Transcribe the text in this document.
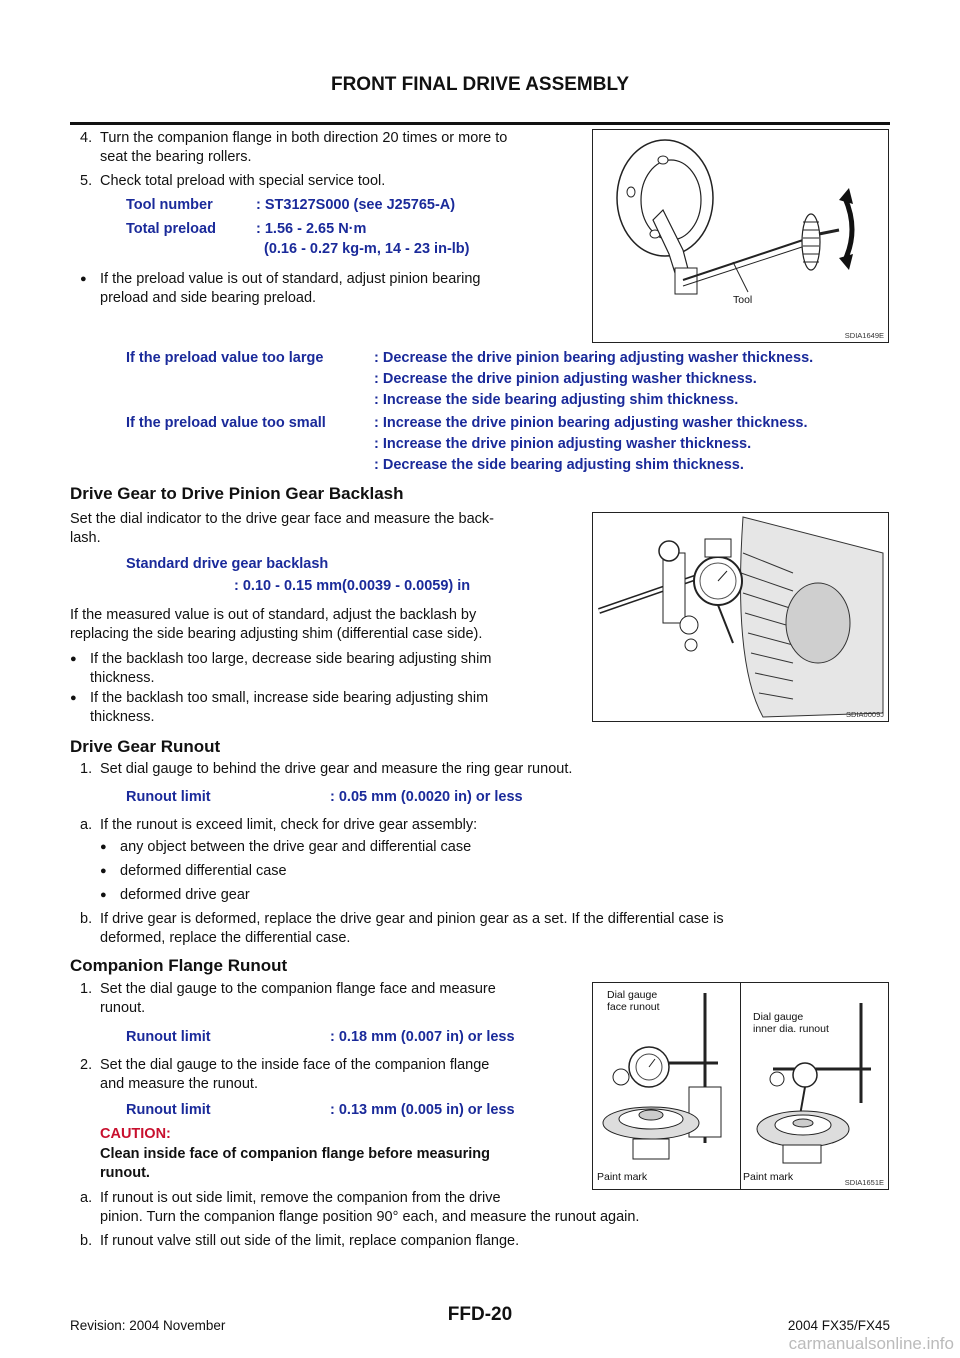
FRONT FINAL DRIVE ASSEMBLY
4. Turn the companion flange in both direction 20 times or more to
seat the bearing rollers.
5. Check total preload with special service tool.
Tool number	: ST3127S000 (see J25765-A)
Total preload	: 1.56 - 2.65 N·m
(0.16 - 0.27 kg-m, 14 - 23 in-lb)
● If the preload value is out of standard, adjust pinion bearing
preload and side bearing preload.	Tool
SDIA1649E
If the preload value too large	: Decrease the drive pinion bearing adjusting washer thickness.
: Decrease the drive pinion adjusting washer thickness.
: Increase the side bearing adjusting shim thickness.
If the preload value too small	: Increase the drive pinion bearing adjusting washer thickness.
: Increase the drive pinion adjusting washer thickness.
: Decrease the side bearing adjusting shim thickness.
Drive Gear to Drive Pinion Gear Backlash
Set the dial indicator to the drive gear face and measure the back-
lash.
Standard drive gear backlash
: 0.10 - 0.15 mm(0.0039 - 0.0059) in
If the measured value is out of standard, adjust the backlash by
replacing the side bearing adjusting shim (differential case side).
● If the backlash too large, decrease side bearing adjusting shim
thickness.
● If the backlash too small, increase side bearing adjusting shim
thickness.	SDIA0009J
Drive Gear Runout
1. Set dial gauge to behind the drive gear and measure the ring gear runout.
Runout limit	: 0.05 mm (0.0020 in) or less
a. If the runout is exceed limit, check for drive gear assembly:
● any object between the drive gear and differential case
● deformed differential case
● deformed drive gear
b. If drive gear is deformed, replace the drive gear and pinion gear as a set. If the differential case is
deformed, replace the differential case.
Companion Flange Runout
1. Set the dial gauge to the companion flange face and measure
runout.
Runout limit	: 0.18 mm (0.007 in) or less
2. Set the dial gauge to the inside face of the companion flange
and measure the runout.
Runout limit	: 0.13 mm (0.005 in) or less
CAUTION:
Clean inside face of companion flange before measuring
runout.
a. If runout is out side limit, remove the companion from the drive
pinion. Turn the companion flange position 90° each, and measure the runout again.
b. If runout valve still out side of the limit, replace companion flange.
Dial gauge
face runout
Dial gauge
inner dia. runout
Paint mark	Paint mark	SDIA1651E
Revision: 2004 November
FFD-20
2004 FX35/FX45
carmanualsonline.info
